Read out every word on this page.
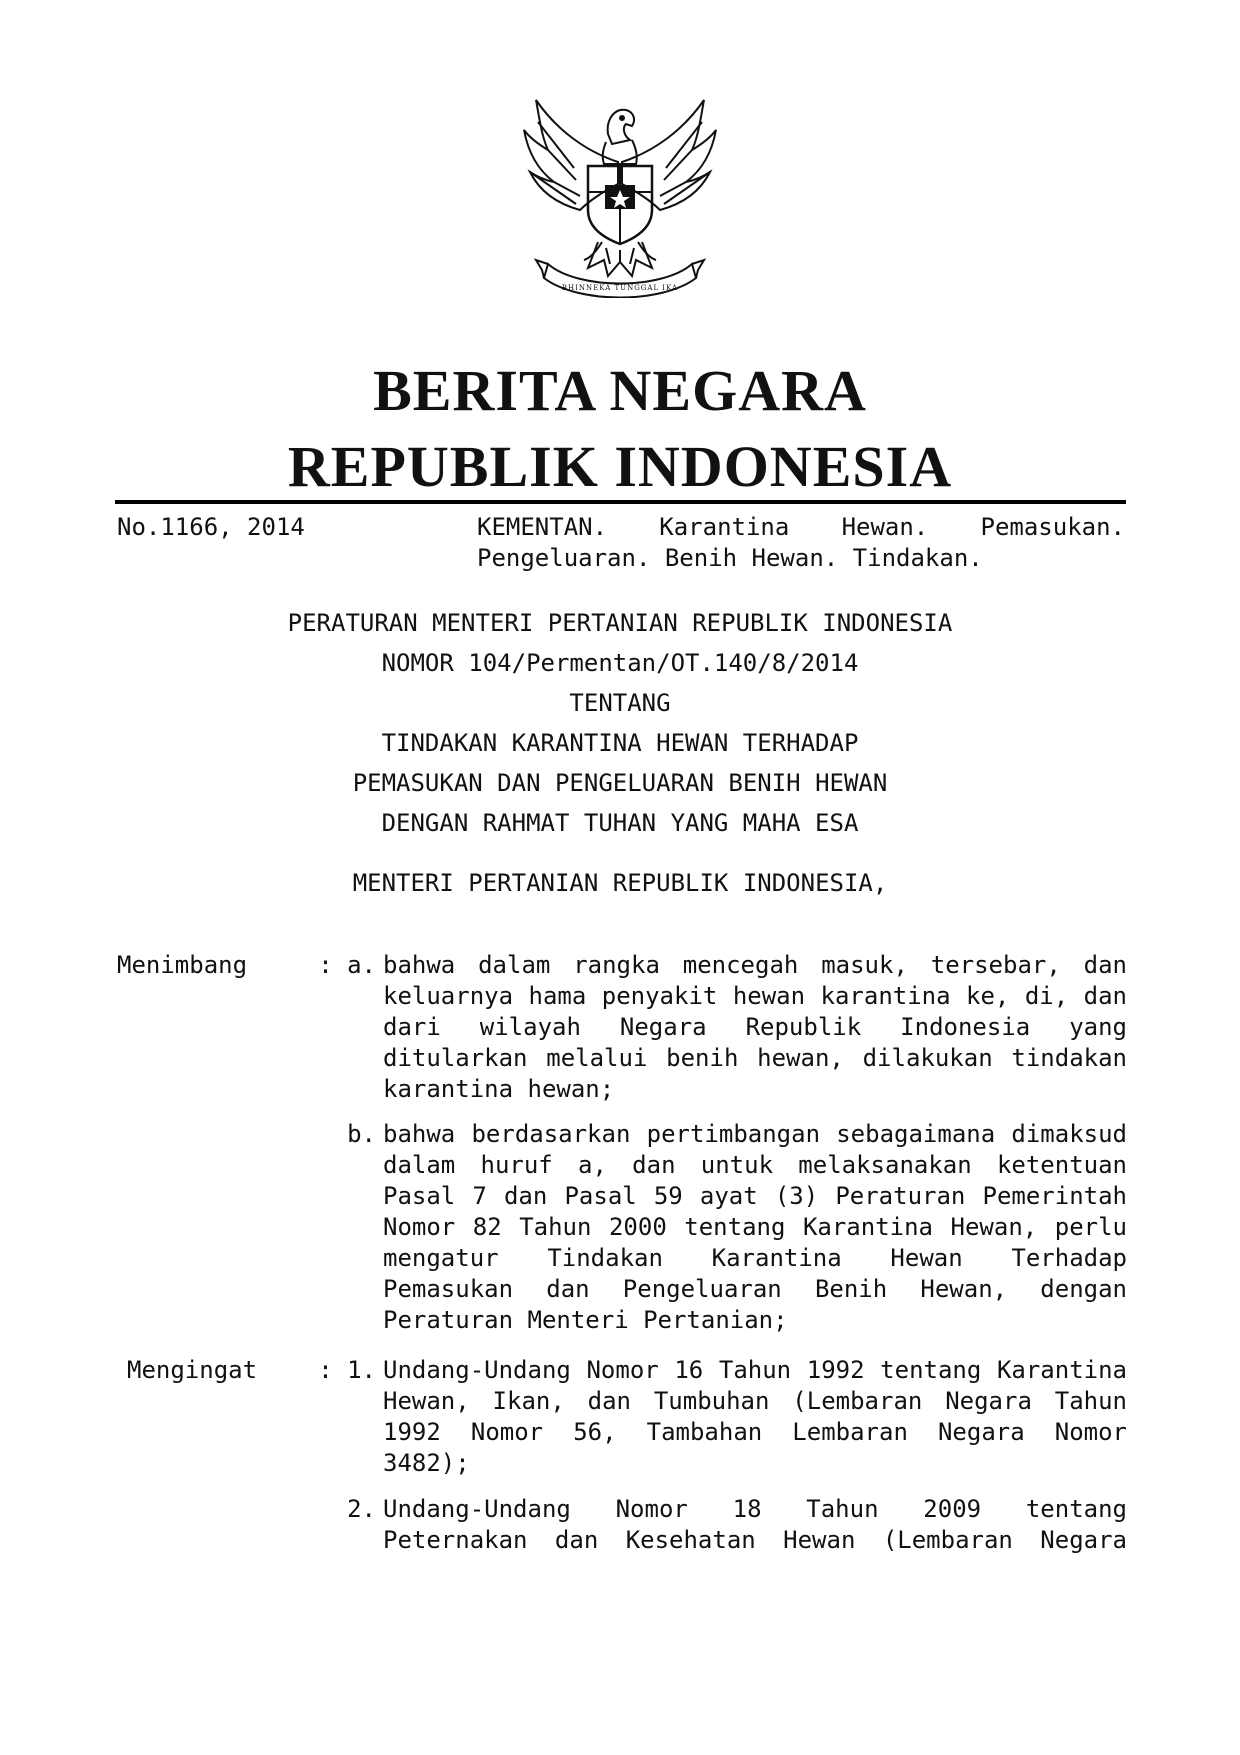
BHINNEKA TUNGGAL IKA
BERITA NEGARA
REPUBLIK INDONESIA
No.1166, 2014	KEMENTAN. Karantina Hewan. Pemasukan.
Pengeluaran. Benih Hewan. Tindakan.
PERATURAN MENTERI PERTANIAN REPUBLIK INDONESIA
NOMOR 104/Permentan/OT.140/8/2014
TENTANG
TINDAKAN KARANTINA HEWAN TERHADAP
PEMASUKAN DAN PENGELUARAN BENIH HEWAN
DENGAN RAHMAT TUHAN YANG MAHA ESA
MENTERI PERTANIAN REPUBLIK INDONESIA,
Menimbang	: a. bahwa dalam rangka mencegah masuk, tersebar, dan keluarnya hama penyakit hewan karantina ke, di, dan dari wilayah Negara Republik Indonesia yang ditularkan melalui benih hewan, dilakukan tindakan karantina hewan;
b. bahwa berdasarkan pertimbangan sebagaimana dimaksud dalam huruf a, dan untuk melaksanakan ketentuan Pasal 7 dan Pasal 59 ayat (3) Peraturan Pemerintah Nomor 82 Tahun 2000 tentang Karantina Hewan, perlu mengatur Tindakan Karantina Hewan Terhadap Pemasukan dan Pengeluaran Benih Hewan, dengan Peraturan Menteri Pertanian;
Mengingat	: 1. Undang-Undang Nomor 16 Tahun 1992 tentang Karantina Hewan, Ikan, dan Tumbuhan (Lembaran Negara Tahun 1992 Nomor 56, Tambahan Lembaran Negara Nomor 3482);
2. Undang-Undang Nomor 18 Tahun 2009 tentang Peternakan dan Kesehatan Hewan (Lembaran Negara
